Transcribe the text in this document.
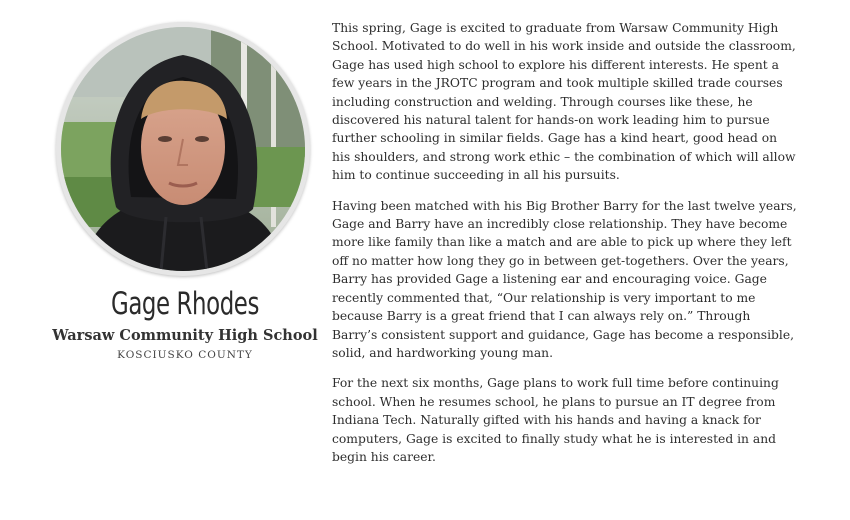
Gage Rhodes
Warsaw Community High School
KOSCIUSKO COUNTY

This spring, Gage is excited to graduate from Warsaw Community High School. Motivated to do well in his work inside and outside the classroom, Gage has used high school to explore his different interests. He spent a few years in the JROTC program and took multiple skilled trade courses including construction and welding. Through courses like these, he discovered his natural talent for hands-on work leading him to pursue further schooling in similar fields. Gage has a kind heart, good head on his shoulders, and strong work ethic – the combination of which will allow him to continue succeeding in all his pursuits.

Having been matched with his Big Brother Barry for the last twelve years, Gage and Barry have an incredibly close relationship. They have become more like family than like a match and are able to pick up where they left off no matter how long they go in between get-togethers. Over the years, Barry has provided Gage a listening ear and encouraging voice. Gage recently commented that, “Our relationship is very important to me because Barry is a great friend that I can always rely on.” Through Barry’s consistent support and guidance, Gage has become a responsible, solid, and hardworking young man.

For the next six months, Gage plans to work full time before continuing school. When he resumes school, he plans to pursue an IT degree from Indiana Tech. Naturally gifted with his hands and having a knack for computers, Gage is excited to finally study what he is interested in and begin his career.
